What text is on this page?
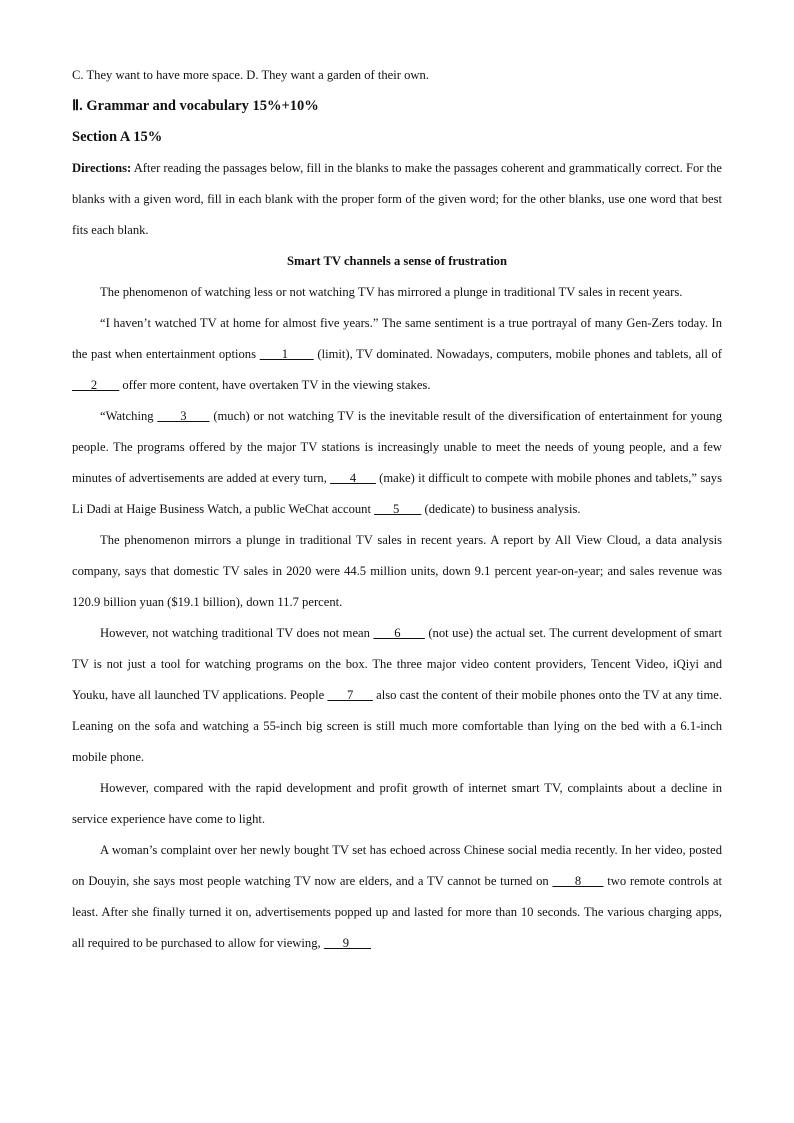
C. They want to have more space. D. They want a garden of their own.
Ⅱ. Grammar and vocabulary 15%+10%
Section A 15%

Directions: After reading the passages below, fill in the blanks to make the passages coherent and grammatically correct. For the blanks with a given word, fill in each blank with the proper form of the given word; for the other blanks, use one word that best fits each blank.

Smart TV channels a sense of frustration

The phenomenon of watching less or not watching TV has mirrored a plunge in traditional TV sales in recent years.

“I haven’t watched TV at home for almost five years.” The same sentiment is a true portrayal of many Gen-Zers today. In the past when entertainment options       1        (limit), TV dominated. Nowadays, computers, mobile phones and tablets, all of       2        offer more content, have overtaken TV in the viewing stakes.

“Watching       3       (much) or not watching TV is the inevitable result of the diversification of entertainment for young people. The programs offered by the major TV stations is increasingly unable to meet the needs of young people, and a few minutes of advertisements are added at every turn,       4       (make) it difficult to compete with mobile phones and tablets,” says Li Dadi at Haige Business Watch, a public WeChat account       5        (dedicate) to business analysis.

The phenomenon mirrors a plunge in traditional TV sales in recent years. A report by All View Cloud, a data analysis company, says that domestic TV sales in 2020 were 44.5 million units, down 9.1 percent year-on-year; and sales revenue was 120.9 billion yuan ($19.1 billion), down 11.7 percent.

However, not watching traditional TV does not mean       6        (not use) the actual set. The current development of smart TV is not just a tool for watching programs on the box. The three major video content providers, Tencent Video, iQiyi and Youku, have all launched TV applications. People       7       also cast the content of their mobile phones onto the TV at any time. Leaning on the sofa and watching a 55-inch big screen is still much more comfortable than lying on the bed with a 6.1-inch mobile phone.

However, compared with the rapid development and profit growth of internet smart TV, complaints about a decline in service experience have come to light.

A woman’s complaint over her newly bought TV set has echoed across Chinese social media recently. In her video, posted on Douyin, she says most people watching TV now are elders, and a TV cannot be turned on       8       two remote controls at least. After she finally turned it on, advertisements popped up and lasted for more than 10 seconds. The various charging apps, all required to be purchased to allow for viewing,       9
